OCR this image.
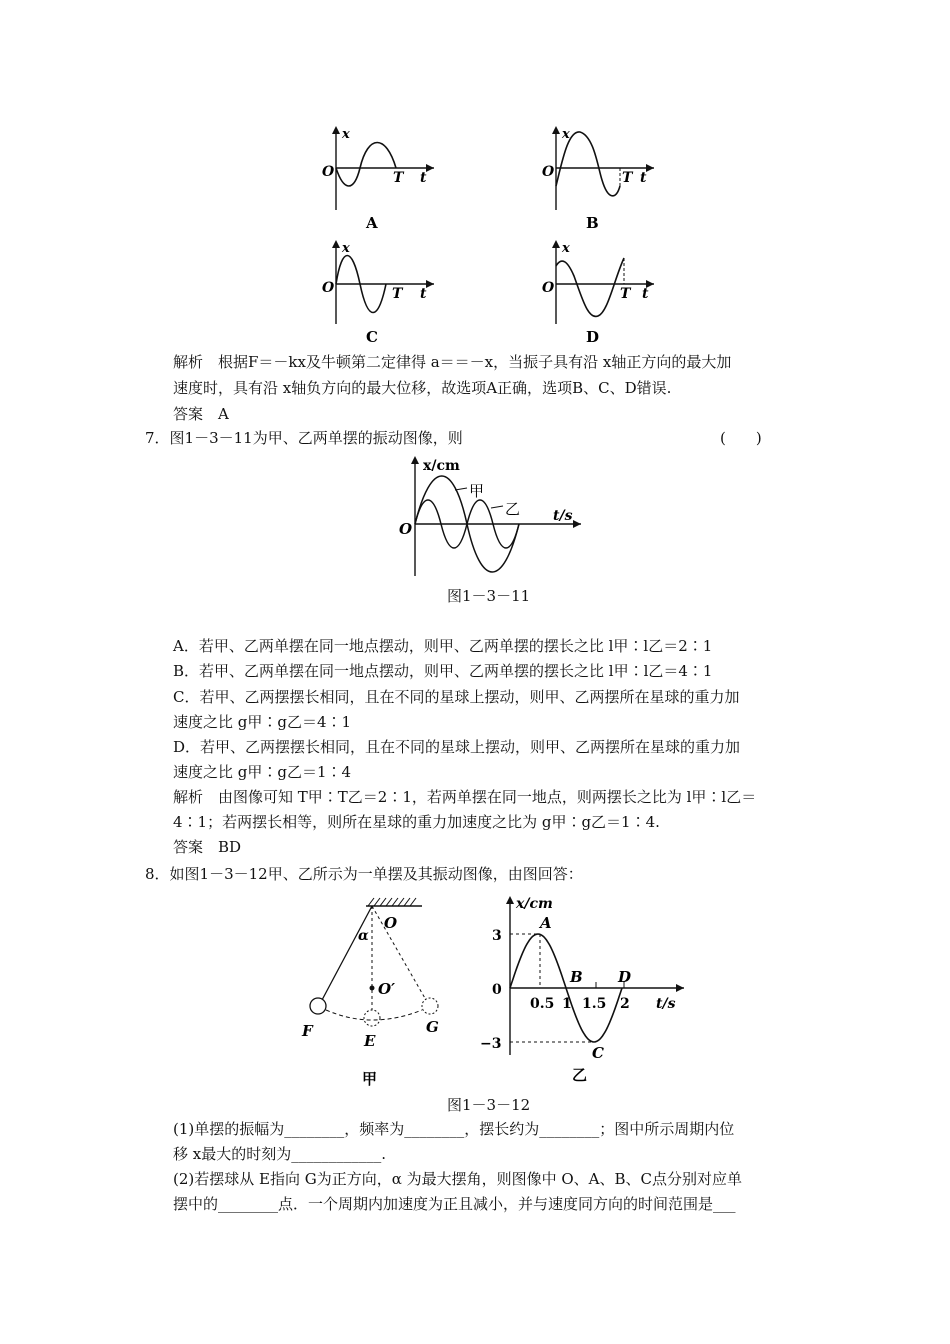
x
O	T t
A
x
O	T t
B
x
O	T t
C
x
O	T t
D
解析　根据F＝－kx及牛顿第二定律得 a＝＝－x，当振子具有沿 x轴正方向的最大加
速度时，具有沿 x轴负方向的最大位移，故选项A正确，选项B、C、D错误.
答案　A
7．图1－3－11为甲、乙两单摆的振动图像，则	(　　)
x/cm
O
甲
乙 t/s
图1－3－11
A．若甲、乙两单摆在同一地点摆动，则甲、乙两单摆的摆长之比 l甲∶l乙＝2∶1
B．若甲、乙两单摆在同一地点摆动，则甲、乙两单摆的摆长之比 l甲∶l乙＝4∶1
C．若甲、乙两摆摆长相同，且在不同的星球上摆动，则甲、乙两摆所在星球的重力加
速度之比 g甲∶g乙＝4∶1
D．若甲、乙两摆摆长相同，且在不同的星球上摆动，则甲、乙两摆所在星球的重力加
速度之比 g甲∶g乙＝1∶4
解析　由图像可知 T甲∶T乙＝2∶1，若两单摆在同一地点，则两摆长之比为 l甲∶l乙＝
4∶1；若两摆长相等，则所在星球的重力加速度之比为 g甲∶g乙＝1∶4.
答案　BD
8．如图1－3－12甲、乙所示为一单摆及其振动图像，由图回答：
O
α
O′
F
E
G
甲
x/cm
3
0
−3
0.5 1 1.5 2
A
B
C
D
t/s
乙
图1－3－12
(1)单摆的振幅为________，频率为________，摆长约为________；图中所示周期内位
移 x最大的时刻为____________.
(2)若摆球从 E指向 G为正方向，α 为最大摆角，则图像中 O、A、B、C点分别对应单
摆中的________点．一个周期内加速度为正且减小，并与速度同方向的时间范围是___
